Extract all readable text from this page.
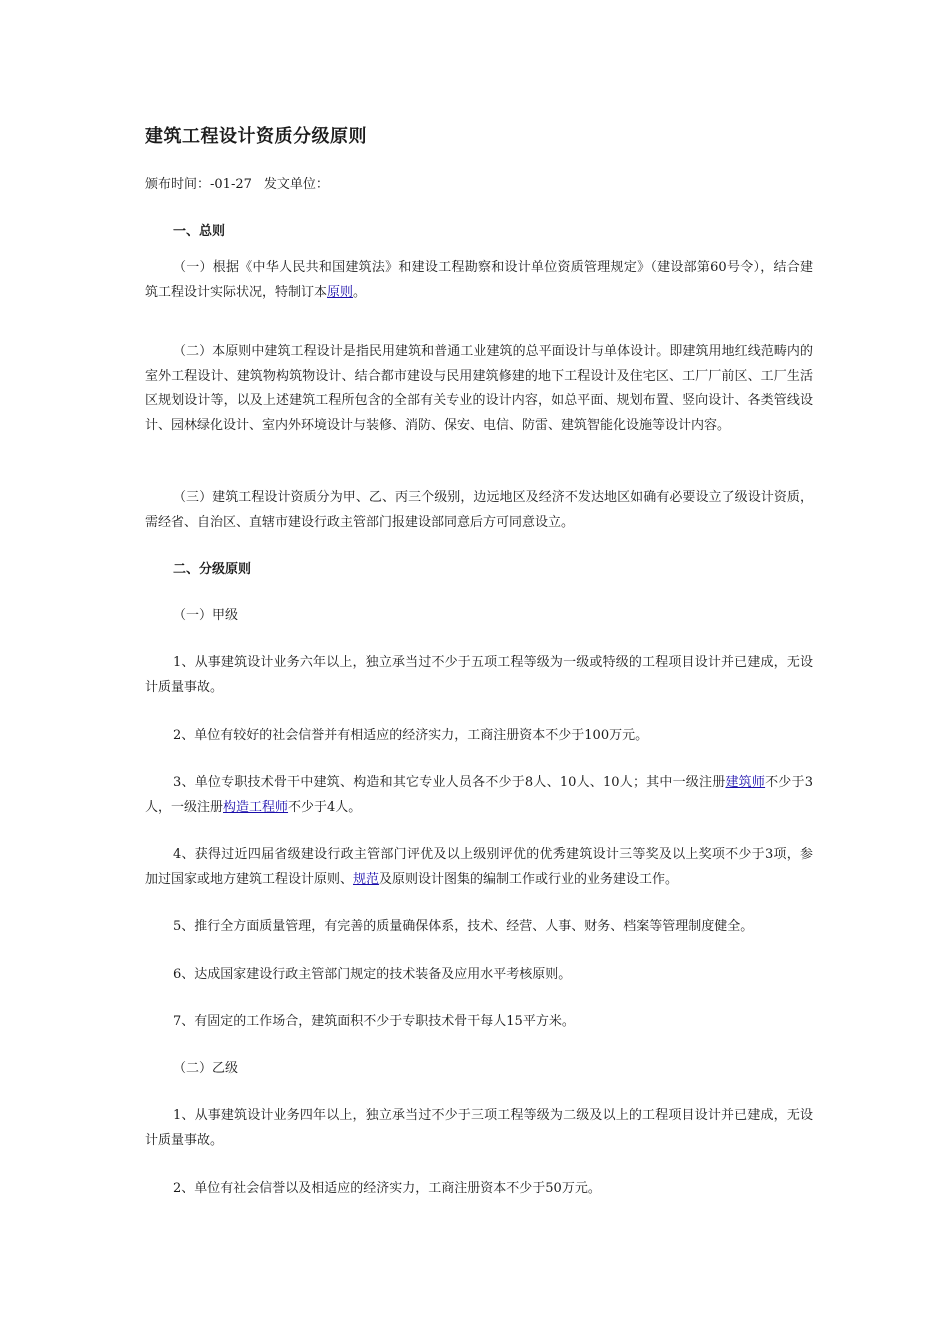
建筑工程设计资质分级原则
颁布时间：-01-27 发文单位：
一、总则

（一）根据《中华人民共和国建筑法》和建设工程勘察和设计单位资质管理规定》（建设部第60号令），结合建筑工程设计实际状况，特制订本原则。

（二）本原则中建筑工程设计是指民用建筑和普通工业建筑的总平面设计与单体设计。即建筑用地红线范畴内的室外工程设计、建筑物构筑物设计、结合都市建设与民用建筑修建的地下工程设计及住宅区、工厂厂前区、工厂生活区规划设计等，以及上述建筑工程所包含的全部有关专业的设计内容，如总平面、规划布置、竖向设计、各类管线设计、园林绿化设计、室内外环境设计与装修、消防、保安、电信、防雷、建筑智能化设施等设计内容。

（三）建筑工程设计资质分为甲、乙、丙三个级别，边远地区及经济不发达地区如确有必要设立了级设计资质，需经省、自治区、直辖市建设行政主管部门报建设部同意后方可同意设立。

二、分级原则
（一）甲级

1、从事建筑设计业务六年以上，独立承当过不少于五项工程等级为一级或特级的工程项目设计并已建成，无设计质量事故。

2、单位有较好的社会信誉并有相适应的经济实力，工商注册资本不少于100万元。

3、单位专职技术骨干中建筑、构造和其它专业人员各不少于8人、10人、10人；其中一级注册建筑师不少于3人，一级注册构造工程师不少于4人。

4、获得过近四届省级建设行政主管部门评优及以上级别评优的优秀建筑设计三等奖及以上奖项不少于3项，参加过国家或地方建筑工程设计原则、规范及原则设计图集的编制工作或行业的业务建设工作。

5、推行全方面质量管理，有完善的质量确保体系，技术、经营、人事、财务、档案等管理制度健全。

6、达成国家建设行政主管部门规定的技术装备及应用水平考核原则。

7、有固定的工作场合，建筑面积不少于专职技术骨干每人15平方米。

（二）乙级

1、从事建筑设计业务四年以上，独立承当过不少于三项工程等级为二级及以上的工程项目设计并已建成，无设计质量事故。

2、单位有社会信誉以及相适应的经济实力，工商注册资本不少于50万元。
